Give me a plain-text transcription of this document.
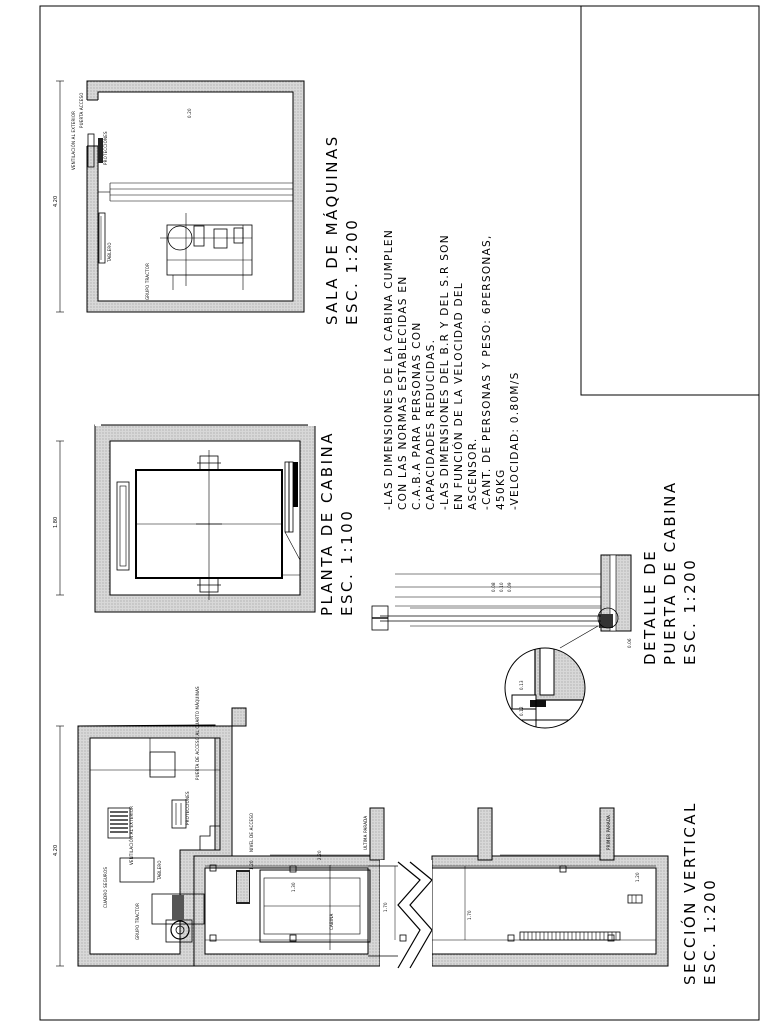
SALA DE MÁQUINAS ESC. 1:200
PLANTA DE CABINA ESC. 1:100	DETALLE DE PUERTA DE CABINA ESC. 1:200
SECCIÓN VERTICAL ESC. 1:200
-LAS DIMENSIONES DE LA CABINA CUMPLEN CON LAS NORMAS ESTABLECIDAS EN C.A.B.A PARA PERSONAS CON CAPACIDADES REDUCIDAS. -LAS DIMENSIONES DEL B.R Y DEL S.R SON EN FUNCIÓN DE LA VELOCIDAD DEL ASCENSOR. -CANT. DE PERSONAS Y PESO: 6PERSONAS, 450KG -VELOCIDAD: 0.80M/S
4.20
1.80
4.20
VENTILACIÓN AL EXTERIOR
PUERTA ACCESO
PROTECCIONES
TABLERO
GRUPO TRACTOR
0.20
0.08 0.10 0.09
0.06
0.13
0.12
GRUPO TRACTOR
CUADRO SEGUROS
VENTILACIÓN AL EXTERIOR
TABLERO
PUERTA DE ACCESO AL CUARTO MÁQUINAS
PROTECCIONES
NIVEL DE ACCESO	ULTIMA PARADA	PRIMER PARADA
CABINA
1.70
1.70
2.20
1.30
1.20
1.20
